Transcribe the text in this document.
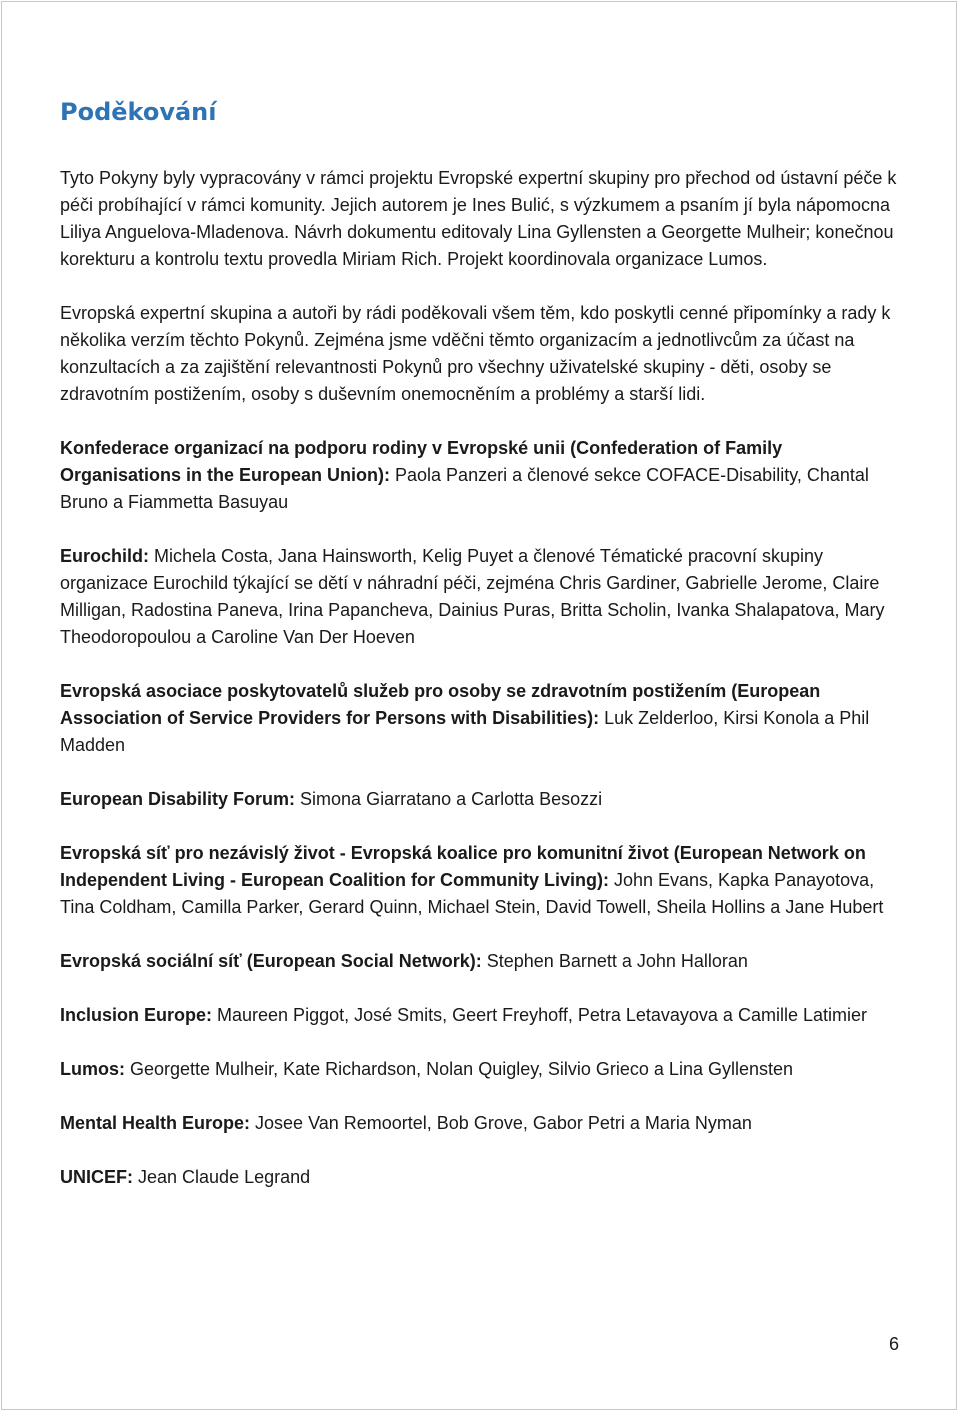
Poděkování

Tyto Pokyny byly vypracovány v rámci projektu Evropské expertní skupiny pro přechod od ústavní péče k péči probíhající v rámci komunity. Jejich autorem je Ines Bulić, s výzkumem a psaním jí byla nápomocna Liliya Anguelova-Mladenova. Návrh dokumentu editovaly Lina Gyllensten a Georgette Mulheir; konečnou korekturu a kontrolu textu provedla Miriam Rich. Projekt koordinovala organizace Lumos.

Evropská expertní skupina a autoři by rádi poděkovali všem těm, kdo poskytli cenné připomínky a rady k několika verzím těchto Pokynů. Zejména jsme vděčni těmto organizacím a jednotlivcům za účast na konzultacích a za zajištění relevantnosti Pokynů pro všechny uživatelské skupiny - děti, osoby se zdravotním postižením, osoby s duševním onemocněním a problémy a starší lidi.

Konfederace organizací na podporu rodiny v Evropské unii (Confederation of Family Organisations in the European Union): Paola Panzeri a členové sekce COFACE-Disability, Chantal Bruno a Fiammetta Basuyau

Eurochild: Michela Costa, Jana Hainsworth, Kelig Puyet a členové Tématické pracovní skupiny organizace Eurochild týkající se dětí v náhradní péči, zejména Chris Gardiner, Gabrielle Jerome, Claire Milligan, Radostina Paneva, Irina Papancheva, Dainius Puras, Britta Scholin, Ivanka Shalapatova, Mary Theodoropoulou a Caroline Van Der Hoeven

Evropská asociace poskytovatelů služeb pro osoby se zdravotním postižením (European Association of Service Providers for Persons with Disabilities): Luk Zelderloo, Kirsi Konola a Phil Madden

European Disability Forum: Simona Giarratano a Carlotta Besozzi

Evropská síť pro nezávislý život - Evropská koalice pro komunitní život (European Network on Independent Living - European Coalition for Community Living): John Evans, Kapka Panayotova, Tina Coldham, Camilla Parker, Gerard Quinn, Michael Stein, David Towell, Sheila Hollins a Jane Hubert

Evropská sociální síť (European Social Network): Stephen Barnett a John Halloran

Inclusion Europe: Maureen Piggot, José Smits, Geert Freyhoff, Petra Letavayova a Camille Latimier

Lumos: Georgette Mulheir, Kate Richardson, Nolan Quigley, Silvio Grieco a Lina Gyllensten

Mental Health Europe: Josee Van Remoortel, Bob Grove, Gabor Petri a Maria Nyman

UNICEF: Jean Claude Legrand

6
